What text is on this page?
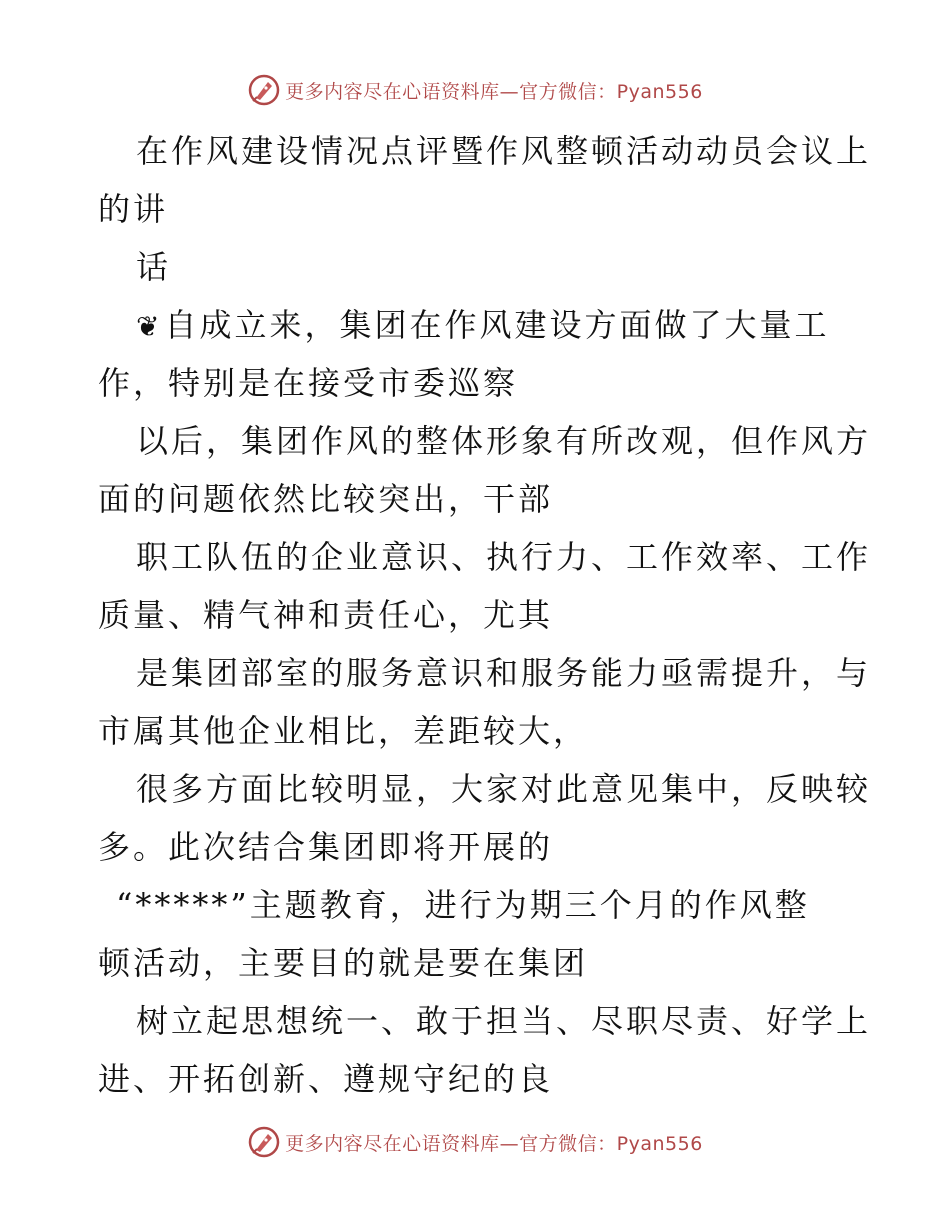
更多内容尽在心语资料库—官方微信：Pyan556
在作风建设情况点评暨作风整顿活动动员会议上
的讲
话
❦自成立来，集团在作风建设方面做了大量工
作，特别是在接受市委巡察
以后，集团作风的整体形象有所改观，但作风方
面的问题依然比较突出，干部
职工队伍的企业意识、执行力、工作效率、工作
质量、精气神和责任心，尤其
是集团部室的服务意识和服务能力亟需提升，与
市属其他企业相比，差距较大，
很多方面比较明显，大家对此意见集中，反映较
多。此次结合集团即将开展的
“*****”主题教育，进行为期三个月的作风整
顿活动，主要目的就是要在集团
树立起思想统一、敢于担当、尽职尽责、好学上
进、开拓创新、遵规守纪的良
更多内容尽在心语资料库—官方微信：Pyan556
